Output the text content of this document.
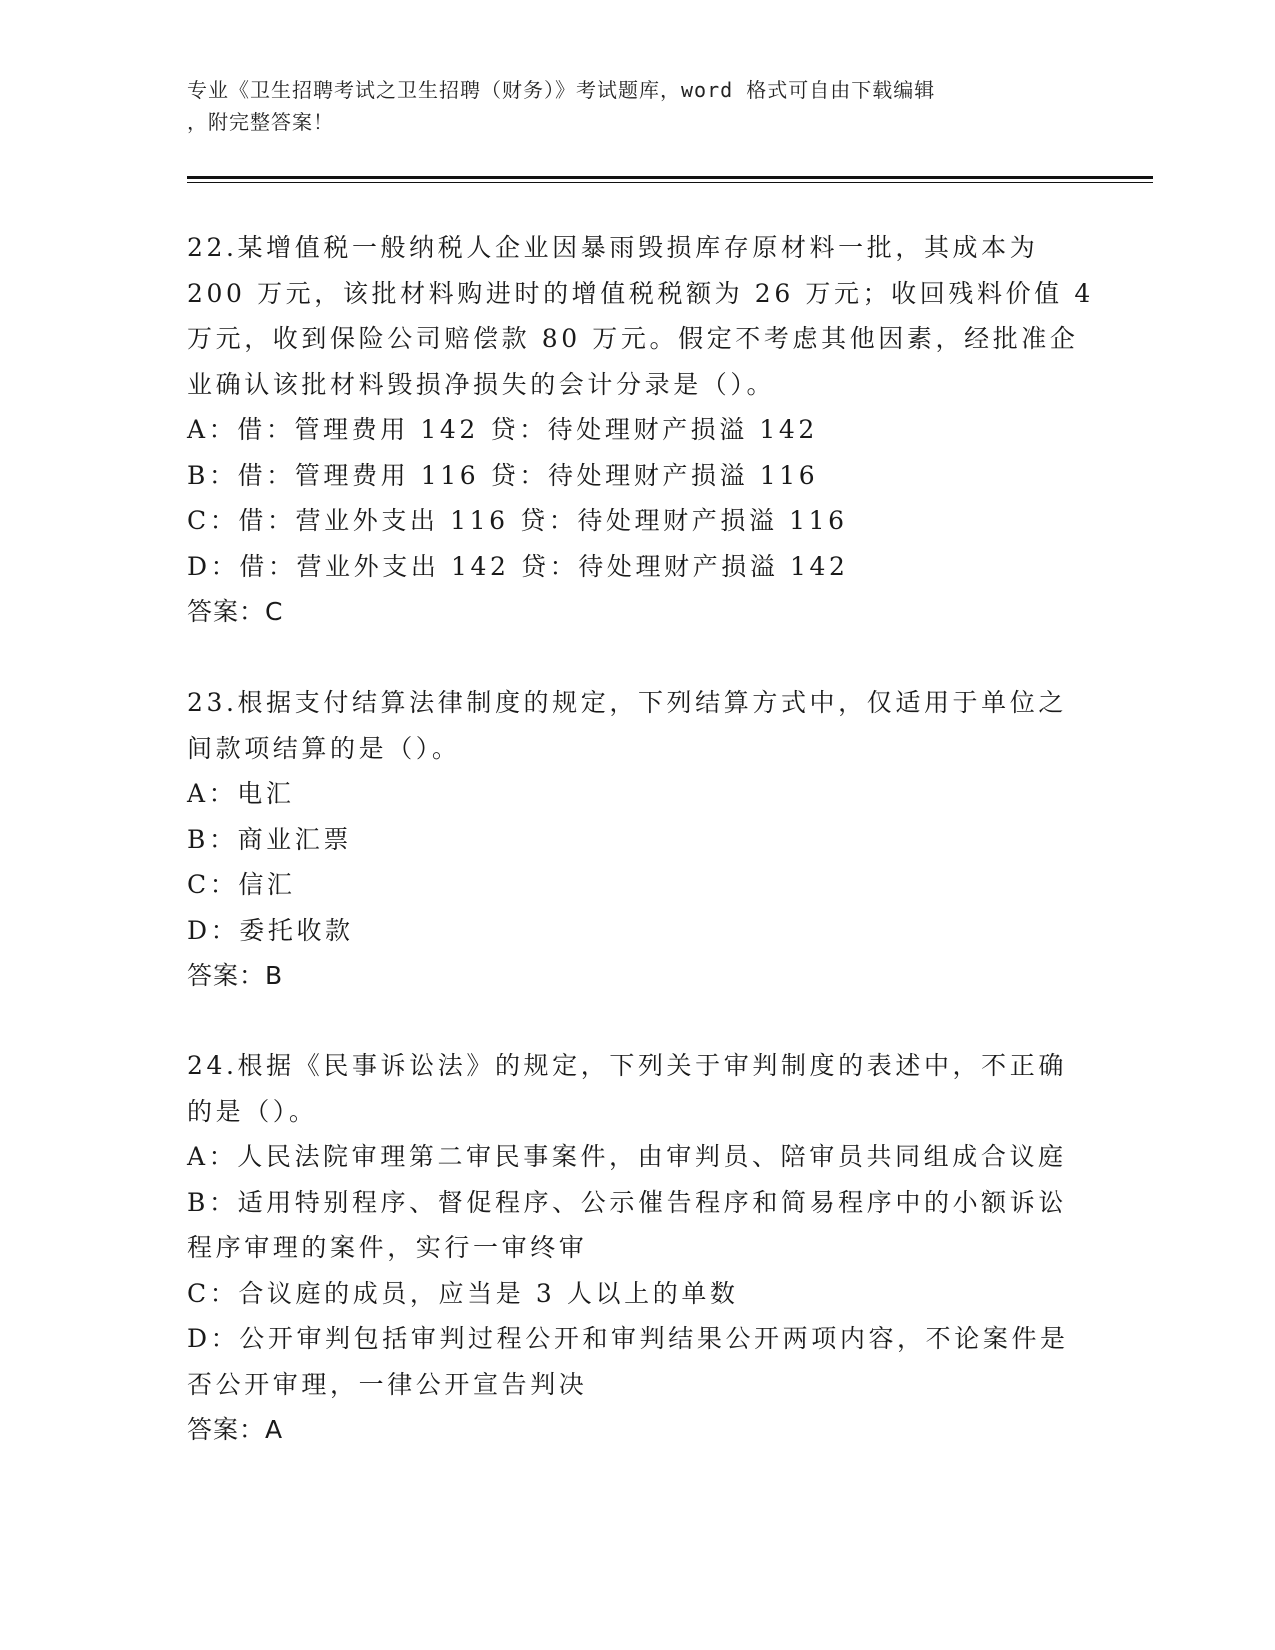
专业《卫生招聘考试之卫生招聘（财务）》考试题库，word 格式可自由下载编辑
，附完整答案！
22.某增值税一般纳税人企业因暴雨毁损库存原材料一批，其成本为
200 万元，该批材料购进时的增值税税额为 26 万元；收回残料价值 4
万元，收到保险公司赔偿款 80 万元。假定不考虑其他因素，经批准企
业确认该批材料毁损净损失的会计分录是（）。
A：借：管理费用 142 贷：待处理财产损溢 142
B：借：管理费用 116 贷：待处理财产损溢 116
C：借：营业外支出 116 贷：待处理财产损溢 116
D：借：营业外支出 142 贷：待处理财产损溢 142
答案：C
23.根据支付结算法律制度的规定，下列结算方式中，仅适用于单位之
间款项结算的是（）。
A：电汇
B：商业汇票
C：信汇
D：委托收款
答案：B
24.根据《民事诉讼法》的规定，下列关于审判制度的表述中，不正确
的是（）。
A：人民法院审理第二审民事案件，由审判员、陪审员共同组成合议庭
B：适用特别程序、督促程序、公示催告程序和简易程序中的小额诉讼
程序审理的案件，实行一审终审
C：合议庭的成员，应当是 3 人以上的单数
D：公开审判包括审判过程公开和审判结果公开两项内容，不论案件是
否公开审理，一律公开宣告判决
答案：A
